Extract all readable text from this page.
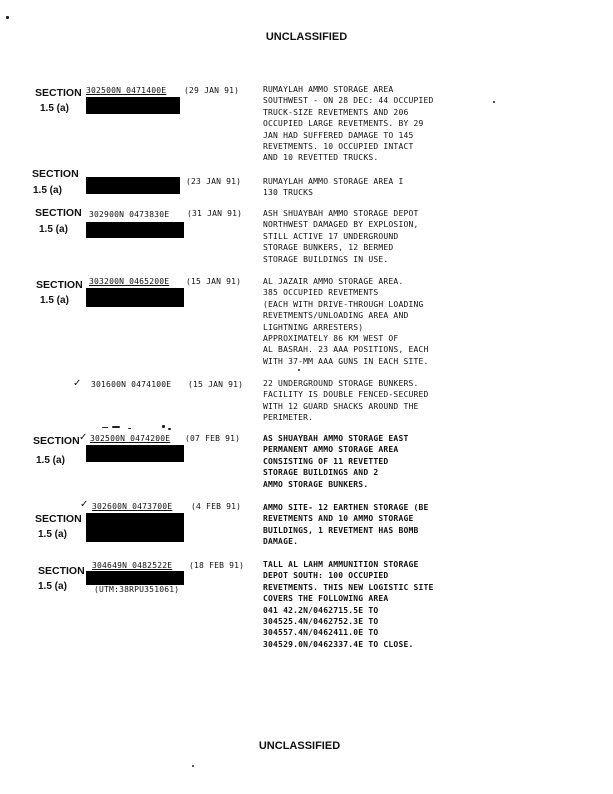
UNCLASSIFIED
SECTION 302500N 0471400E (29 JAN 91)
1.5 (a)
RUMAYLAH AMMO STORAGE AREA
SOUTHWEST - ON 28 DEC: 44 OCCUPIED
TRUCK-SIZE REVETMENTS AND 206
OCCUPIED LARGE REVETMENTS. BY 29
JAN HAD SUFFERED DAMAGE TO 145
REVETMENTS. 10 OCCUPIED INTACT
AND 10 REVETTED TRUCKS.
SECTION
(23 JAN 91)
1.5 (a)
RUMAYLAH AMMO STORAGE AREA I
130 TRUCKS
SECTION 302900N 0473830E (31 JAN 91)
1.5 (a)
ASH SHUAYBAH AMMO STORAGE DEPOT
NORTHWEST DAMAGED BY EXPLOSION,
STILL ACTIVE 17 UNDERGROUND
STORAGE BUNKERS, 12 BERMED
STORAGE BUILDINGS IN USE.
SECTION 303200N 0465200E (15 JAN 91)
1.5 (a)
AL JAZAIR AMMO STORAGE AREA.
385 OCCUPIED REVETMENTS
(EACH WITH DRIVE-THROUGH LOADING
REVETMENTS/UNLOADING AREA AND
LIGHTNING ARRESTERS)
APPROXIMATELY 86 KM WEST OF
AL BASRAH. 23 AAA POSITIONS, EACH
WITH 37-MM AAA GUNS IN EACH SITE.
✓ 301600N 0474100E (15 JAN 91) 22 UNDERGROUND STORAGE BUNKERS.
FACILITY IS DOUBLE FENCED-SECURED
WITH 12 GUARD SHACKS AROUND THE
PERIMETER.
SECTION ✓ 302500N 0474200E (07 FEB 91)
1.5 (a)
AS SHUAYBAH AMMO STORAGE EAST
PERMANENT AMMO STORAGE AREA
CONSISTING OF 11 REVETTED
STORAGE BUILDINGS AND 2
AMMO STORAGE BUNKERS.
✓ 302600N 0473700E (4 FEB 91)
SECTION
1.5 (a)
AMMO SITE- 12 EARTHEN STORAGE (BE
REVETMENTS AND 10 AMMO STORAGE
BUILDINGS, 1 REVETMENT HAS BOMB
DAMAGE.
304649N 0482522E (18 FEB 91)
(UTM:38RPU351061)
SECTION
1.5 (a)
TALL AL LAHM AMMUNITION STORAGE
DEPOT SOUTH: 100 OCCUPIED
REVETMENTS. THIS NEW LOGISTIC SITE
COVERS THE FOLLOWING AREA
041 42.2N/0462715.5E TO
304525.4N/0462752.3E TO
304557.4N/0462411.0E TO
304529.0N/0462337.4E TO CLOSE.
UNCLASSIFIED
